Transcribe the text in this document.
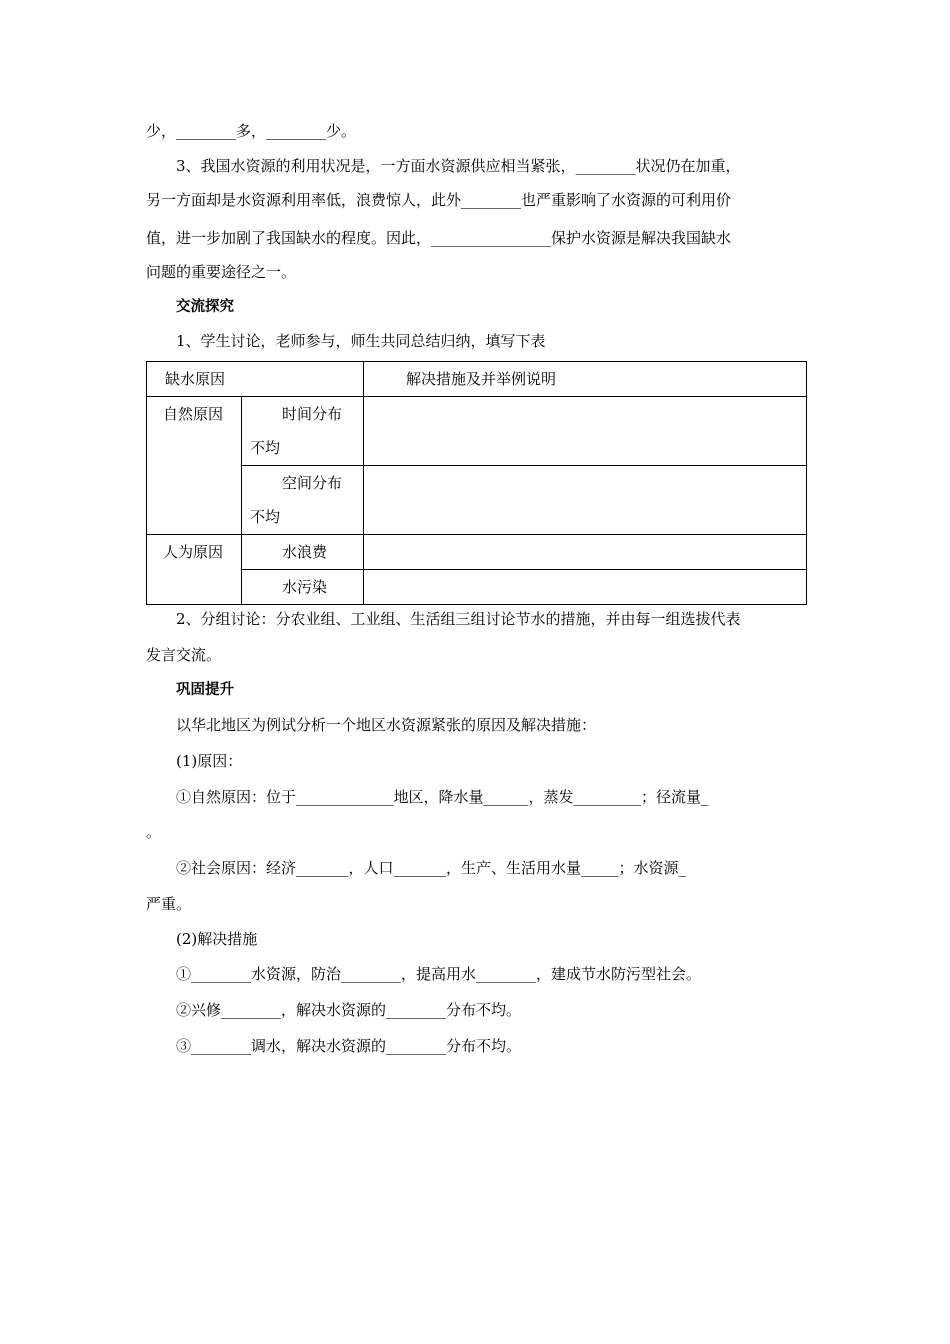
少，________多，________少。
3、我国水资源的利用状况是，一方面水资源供应相当紧张，________状况仍在加重，
另一方面却是水资源利用率低，浪费惊人，此外________也严重影响了水资源的可利用价
值，进一步加剧了我国缺水的程度。因此，________________保护水资源是解决我国缺水
问题的重要途径之一。
交流探究
1、学生讨论，老师参与，师生共同总结归纳，填写下表
缺水原因		解决措施及并举例说明

自然原因	时间分布
不均	

	空间分布
不均	

人为原因	水浪费	

	水污染	

2、分组讨论：分农业组、工业组、生活组三组讨论节水的措施，并由每一组选拔代表
发言交流。
巩固提升
以华北地区为例试分析一个地区水资源紧张的原因及解决措施：
(1)原因：
①自然原因：位于_____________地区，降水量______，蒸发_________；径流量_
。
②社会原因：经济_______，人口_______，生产、生活用水量_____；水资源_
严重。
(2)解决措施
①________水资源，防治________，提高用水________，建成节水防污型社会。
②兴修________，解决水资源的________分布不均。
③________调水，解决水资源的________分布不均。
